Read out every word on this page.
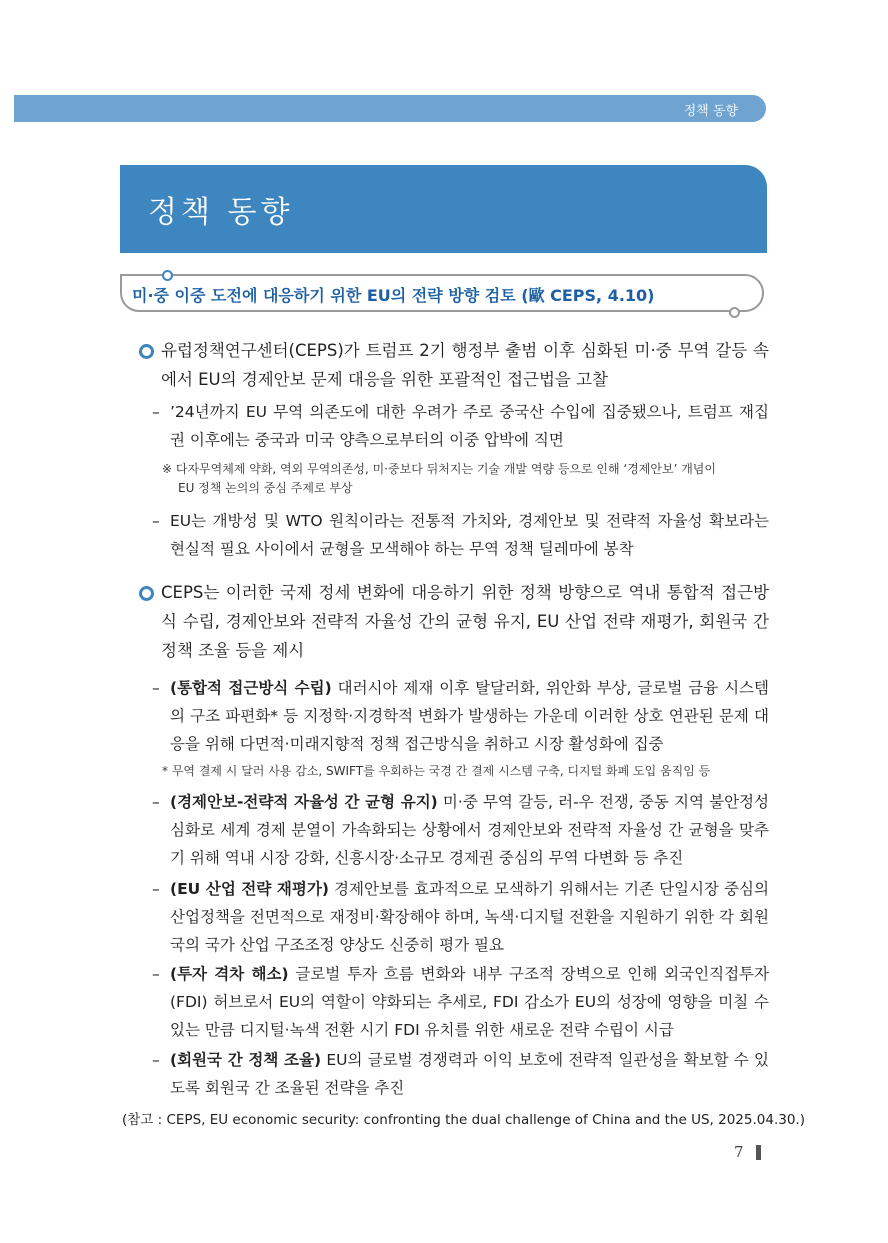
정책 동향
정책 동향
미·중 이중 도전에 대응하기 위한 EU의 전략 방향 검토 (歐 CEPS, 4.10)
유럽정책연구센터(CEPS)가 트럼프 2기 행정부 출범 이후 심화된 미·중 무역 갈등 속에서 EU의 경제안보 문제 대응을 위한 포괄적인 접근법을 고찰
– ’24년까지 EU 무역 의존도에 대한 우려가 주로 중국산 수입에 집중됐으나, 트럼프 재집권 이후에는 중국과 미국 양측으로부터의 이중 압박에 직면
※ 다자무역체제 약화, 역외 무역의존성, 미·중보다 뒤처지는 기술 개발 역량 등으로 인해 ‘경제안보’ 개념이
EU 정책 논의의 중심 주제로 부상
– EU는 개방성 및 WTO 원칙이라는 전통적 가치와, 경제안보 및 전략적 자율성 확보라는 현실적 필요 사이에서 균형을 모색해야 하는 무역 정책 딜레마에 봉착
CEPS는 이러한 국제 정세 변화에 대응하기 위한 정책 방향으로 역내 통합적 접근방식 수립, 경제안보와 전략적 자율성 간의 균형 유지, EU 산업 전략 재평가, 회원국 간 정책 조율 등을 제시
– (통합적 접근방식 수립) 대러시아 제재 이후 탈달러화, 위안화 부상, 글로벌 금융 시스템의 구조 파편화* 등 지정학·지경학적 변화가 발생하는 가운데 이러한 상호 연관된 문제 대응을 위해 다면적·미래지향적 정책 접근방식을 취하고 시장 활성화에 집중
* 무역 결제 시 달러 사용 감소, SWIFT를 우회하는 국경 간 결제 시스템 구축, 디지털 화폐 도입 움직임 등
– (경제안보-전략적 자율성 간 균형 유지) 미·중 무역 갈등, 러-우 전쟁, 중동 지역 불안정성 심화로 세계 경제 분열이 가속화되는 상황에서 경제안보와 전략적 자율성 간 균형을 맞추기 위해 역내 시장 강화, 신흥시장·소규모 경제권 중심의 무역 다변화 등 추진
– (EU 산업 전략 재평가) 경제안보를 효과적으로 모색하기 위해서는 기존 단일시장 중심의 산업정책을 전면적으로 재정비·확장해야 하며, 녹색·디지털 전환을 지원하기 위한 각 회원국의 국가 산업 구조조정 양상도 신중히 평가 필요
– (투자 격차 해소) 글로벌 투자 흐름 변화와 내부 구조적 장벽으로 인해 외국인직접투자(FDI) 허브로서 EU의 역할이 약화되는 추세로, FDI 감소가 EU의 성장에 영향을 미칠 수 있는 만큼 디지털·녹색 전환 시기 FDI 유치를 위한 새로운 전략 수립이 시급
– (회원국 간 정책 조율) EU의 글로벌 경쟁력과 이익 보호에 전략적 일관성을 확보할 수 있도록 회원국 간 조율된 전략을 추진
(참고 : CEPS, EU economic security: confronting the dual challenge of China and the US, 2025.04.30.)
7
